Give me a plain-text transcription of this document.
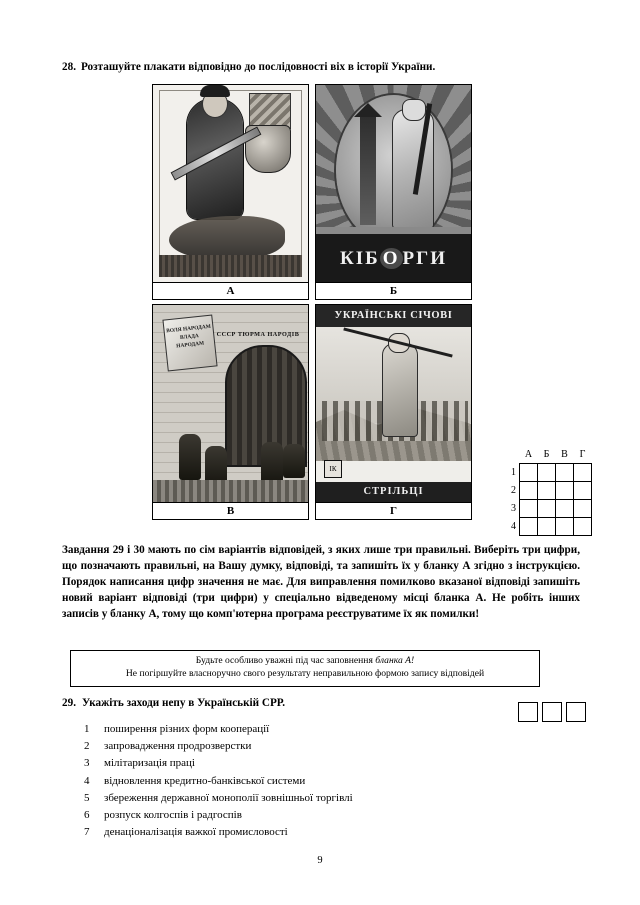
28. Розташуйте плакати відповідно до послідовності віх в історії України.
А
КІБ О РГИ
Б
СССР ТЮРМА НАРОДІВ
ВОЛЯ НАРОДАМ ВЛАДА НАРОДАМ
В
УКРАЇНСЬКІ СІЧОВІ
ІК
СТРІЛЬЦІ
Г
	А	Б	В	Г
1				
2				
3				
4				
Завдання 29 і 30 мають по сім варіантів відповідей, з яких лише три правильні. Виберіть три цифри, що позначають правильні, на Вашу думку, відповіді, та запишіть їх у бланку А згідно з інструкцією. Порядок написання цифр значення не має. Для виправлення помилково вказаної відповіді запишіть новий варіант відповіді (три цифри) у спеціально відведеному місці бланка А. Не робіть інших записів у бланку А, тому що комп'ютерна програма реєструватиме їх як помилки!
Будьте особливо уважні під час заповнення бланка А!
Не погіршуйте власноручно свого результату неправильною формою запису відповідей
29. Укажіть заходи непу в Українській СРР.
1	поширення різних форм кооперації
2	запровадження продрозверстки
3	мілітаризація праці
4	відновлення кредитно-банківської системи
5	збереження державної монополії зовнішньої торгівлі
6	розпуск колгоспів і радгоспів
7	денаціоналізація важкої промисловості
9
